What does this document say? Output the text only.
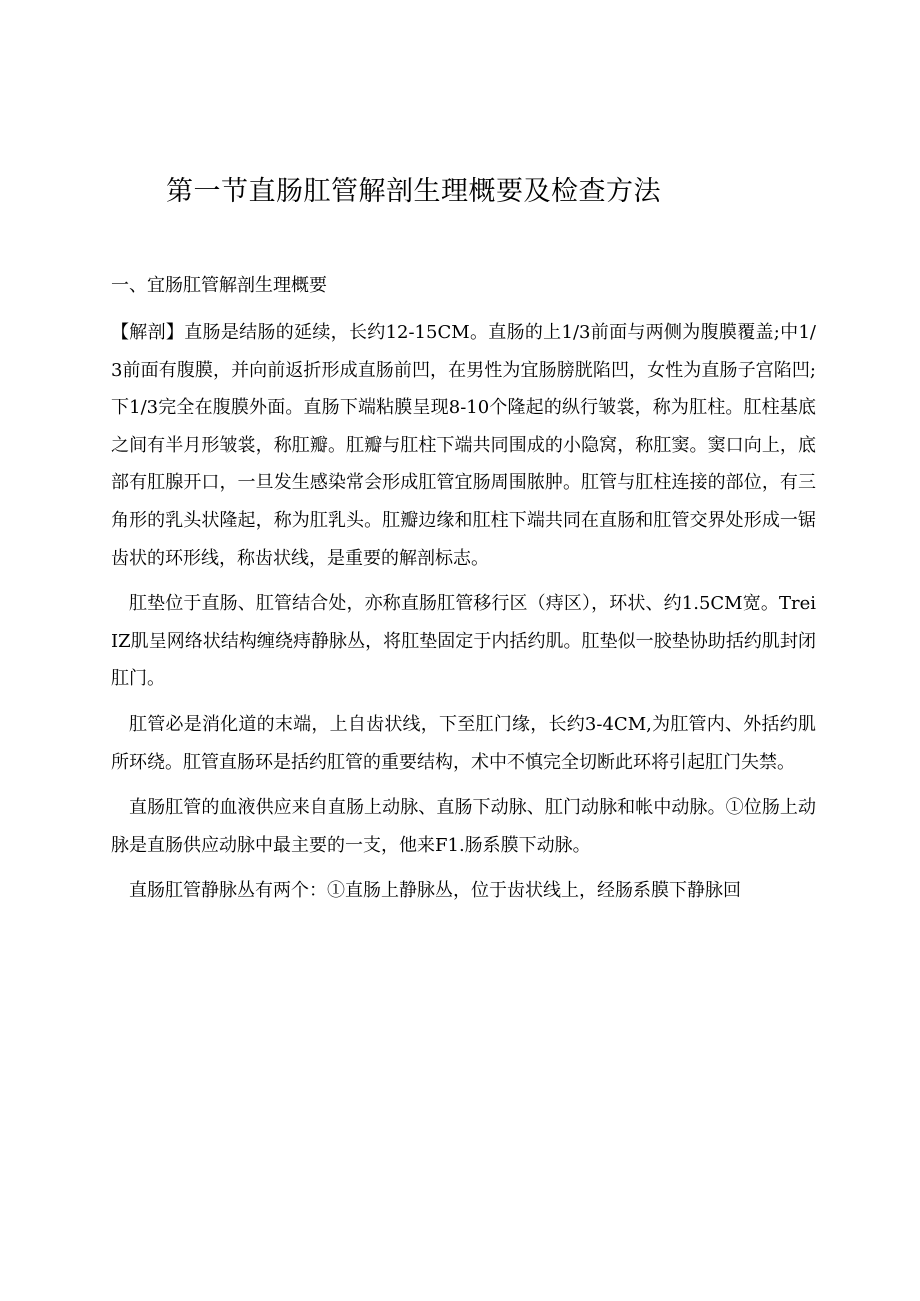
第一节直肠肛管解剖生理概要及检查方法
一、宜肠肛管解剖生理概要

【解剖】直肠是结肠的延续，长约12-15CM。直肠的上1/3前面与两侧为腹膜覆盖;中1/3前面有腹膜，并向前返折形成直肠前凹，在男性为宜肠膀胱陷凹，女性为直肠子宫陷凹;下1/3完全在腹膜外面。直肠下端粘膜呈现8-10个隆起的纵行皱裳，称为肛柱。肛柱基底之间有半月形皱裳，称肛瓣。肛瓣与肛柱下端共同围成的小隐窝，称肛窦。窦口向上，底部有肛腺开口，一旦发生感染常会形成肛管宜肠周围脓肿。肛管与肛柱连接的部位，有三角形的乳头状隆起，称为肛乳头。肛瓣边缘和肛柱下端共同在直肠和肛管交界处形成一锯齿状的环形线，称齿状线，是重要的解剖标志。

肛垫位于直肠、肛管结合处，亦称直肠肛管移行区（痔区），环状、约1.5CM宽。TreiIZ肌呈网络状结构缠绕痔静脉丛，将肛垫固定于内括约肌。肛垫似一胶垫协助括约肌封闭肛门。

肛管必是消化道的末端，上自齿状线，下至肛门缘，长约3-4CM,为肛管内、外括约肌所环绕。肛管直肠环是括约肛管的重要结构，术中不慎完全切断此环将引起肛门失禁。

直肠肛管的血液供应来自直肠上动脉、直肠下动脉、肛门动脉和帐中动脉。①位肠上动脉是直肠供应动脉中最主要的一支，他来F1.肠系膜下动脉。

直肠肛管静脉丛有两个：①直肠上静脉丛，位于齿状线上，经肠系膜下静脉回
